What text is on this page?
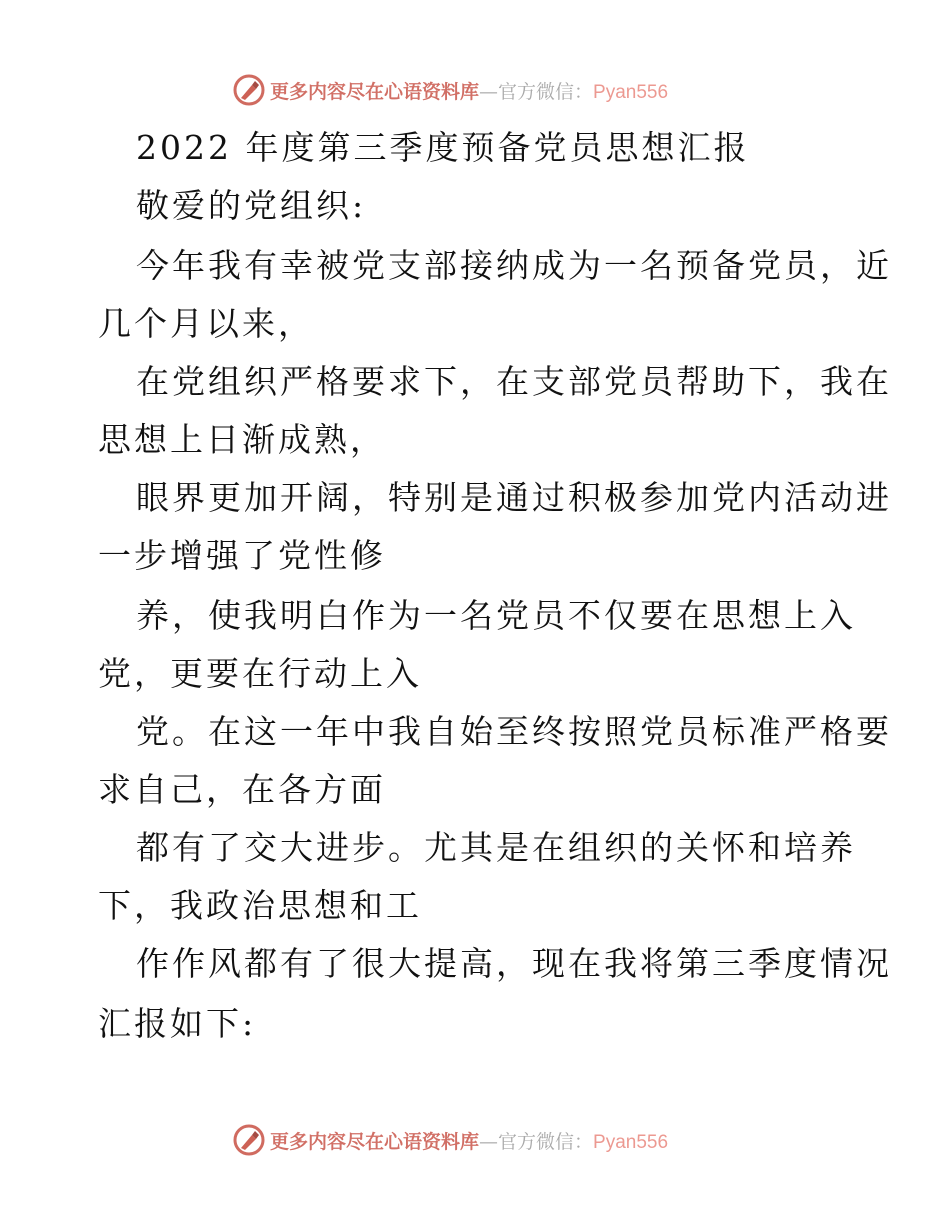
更多内容尽在心语资料库—官方微信：Pyan556
2022 年度第三季度预备党员思想汇报
敬爱的党组织:
今年我有幸被党支部接纳成为一名预备党员，近
几个月以来，
在党组织严格要求下，在支部党员帮助下，我在
思想上日渐成熟，
眼界更加开阔，特别是通过积极参加党内活动进
一步增强了党性修
养，使我明白作为一名党员不仅要在思想上入
党，更要在行动上入
党。在这一年中我自始至终按照党员标准严格要
求自己，在各方面
都有了交大进步。尤其是在组织的关怀和培养
下，我政治思想和工
作作风都有了很大提高，现在我将第三季度情况
汇报如下:
更多内容尽在心语资料库—官方微信：Pyan556
